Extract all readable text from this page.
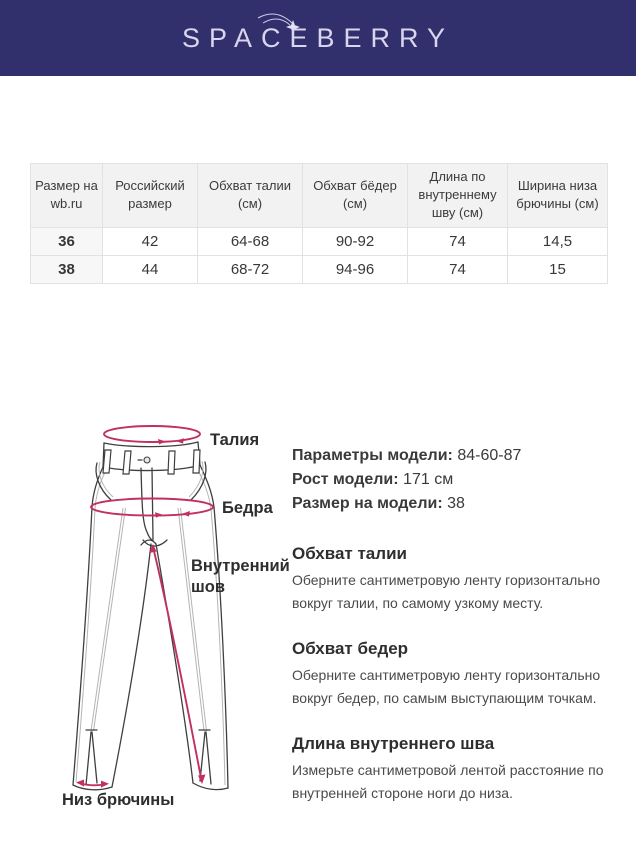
SPACEBERRY
Размер на wb.ru	Российский размер	Обхват талии (см)	Обхват бёдер (см)	Длина по внутреннему шву (см)	Ширина низа брючины (см)
36	42	64-68	90-92	74	14,5
38	44	68-72	94-96	74	15
Талия
Бедра
Внутренний шов
Низ брючины
Параметры модели: 84-60-87
Рост модели: 171 см
Размер на модели: 38
Обхват талии
Оберните сантиметровую ленту горизонтально вокруг талии, по самому узкому месту.
Обхват бедер
Оберните сантиметровую ленту горизонтально вокруг бедер, по самым выступающим точкам.
Длина внутреннего шва
Измерьте сантиметровой лентой расстояние по внутренней стороне ноги до низа.
